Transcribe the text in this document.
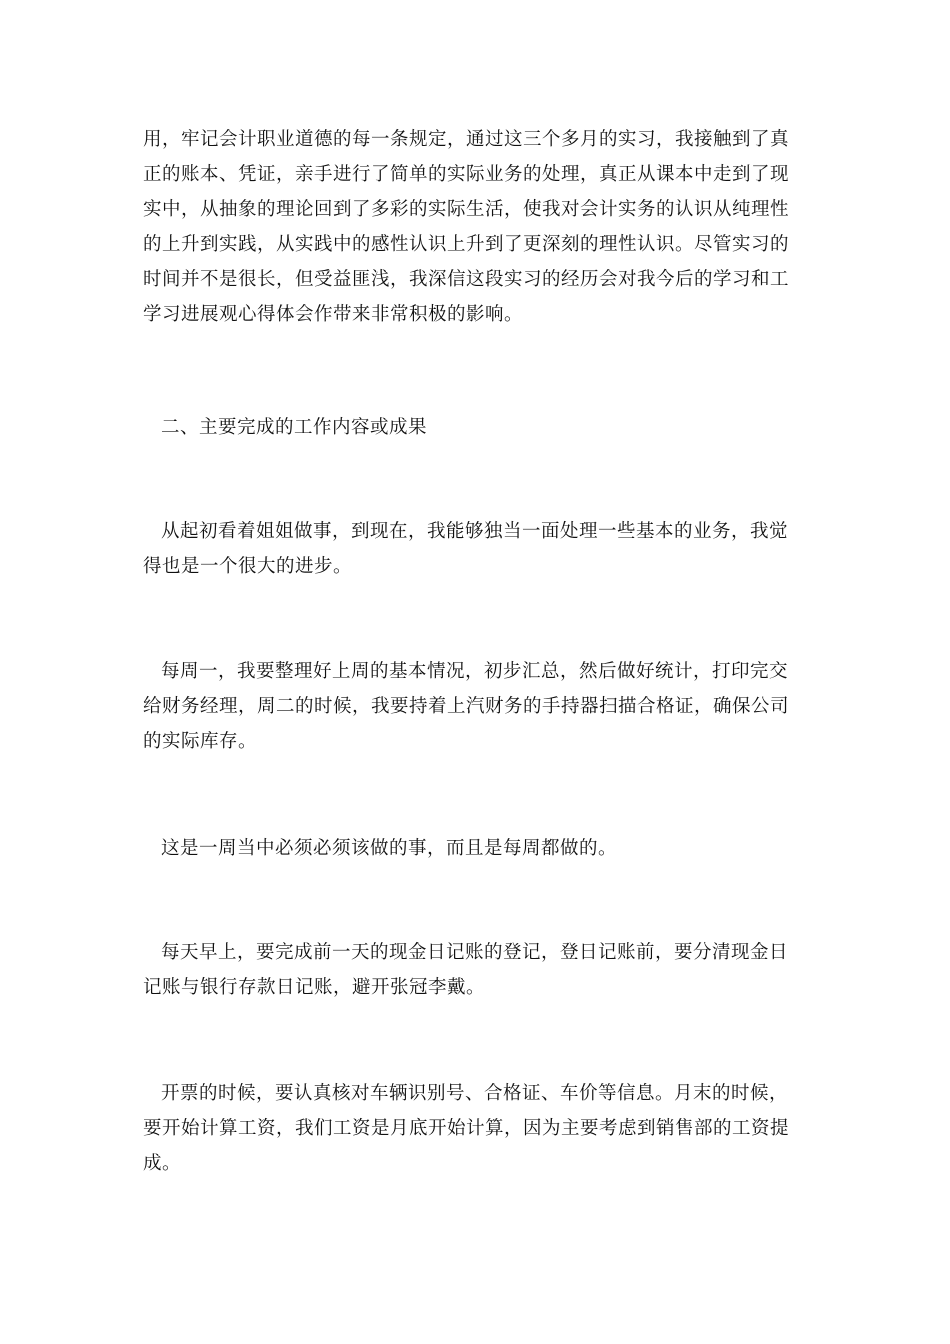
用，牢记会计职业道德的每一条规定，通过这三个多月的实习，我接触到了真
正的账本、凭证，亲手进行了简单的实际业务的处理，真正从课本中走到了现
实中，从抽象的理论回到了多彩的实际生活，使我对会计实务的认识从纯理性
的上升到实践，从实践中的感性认识上升到了更深刻的理性认识。尽管实习的
时间并不是很长，但受益匪浅，我深信这段实习的经历会对我今后的学习和工
学习进展观心得体会作带来非常积极的影响。

二、主要完成的工作内容或成果

从起初看着姐姐做事，到现在，我能够独当一面处理一些基本的业务，我觉
得也是一个很大的进步。

每周一，我要整理好上周的基本情况，初步汇总，然后做好统计，打印完交
给财务经理，周二的时候，我要持着上汽财务的手持器扫描合格证，确保公司
的实际库存。

这是一周当中必须必须该做的事，而且是每周都做的。

每天早上，要完成前一天的现金日记账的登记，登日记账前，要分清现金日
记账与银行存款日记账，避开张冠李戴。

开票的时候，要认真核对车辆识别号、合格证、车价等信息。月末的时候，
要开始计算工资，我们工资是月底开始计算，因为主要考虑到销售部的工资提
成。
